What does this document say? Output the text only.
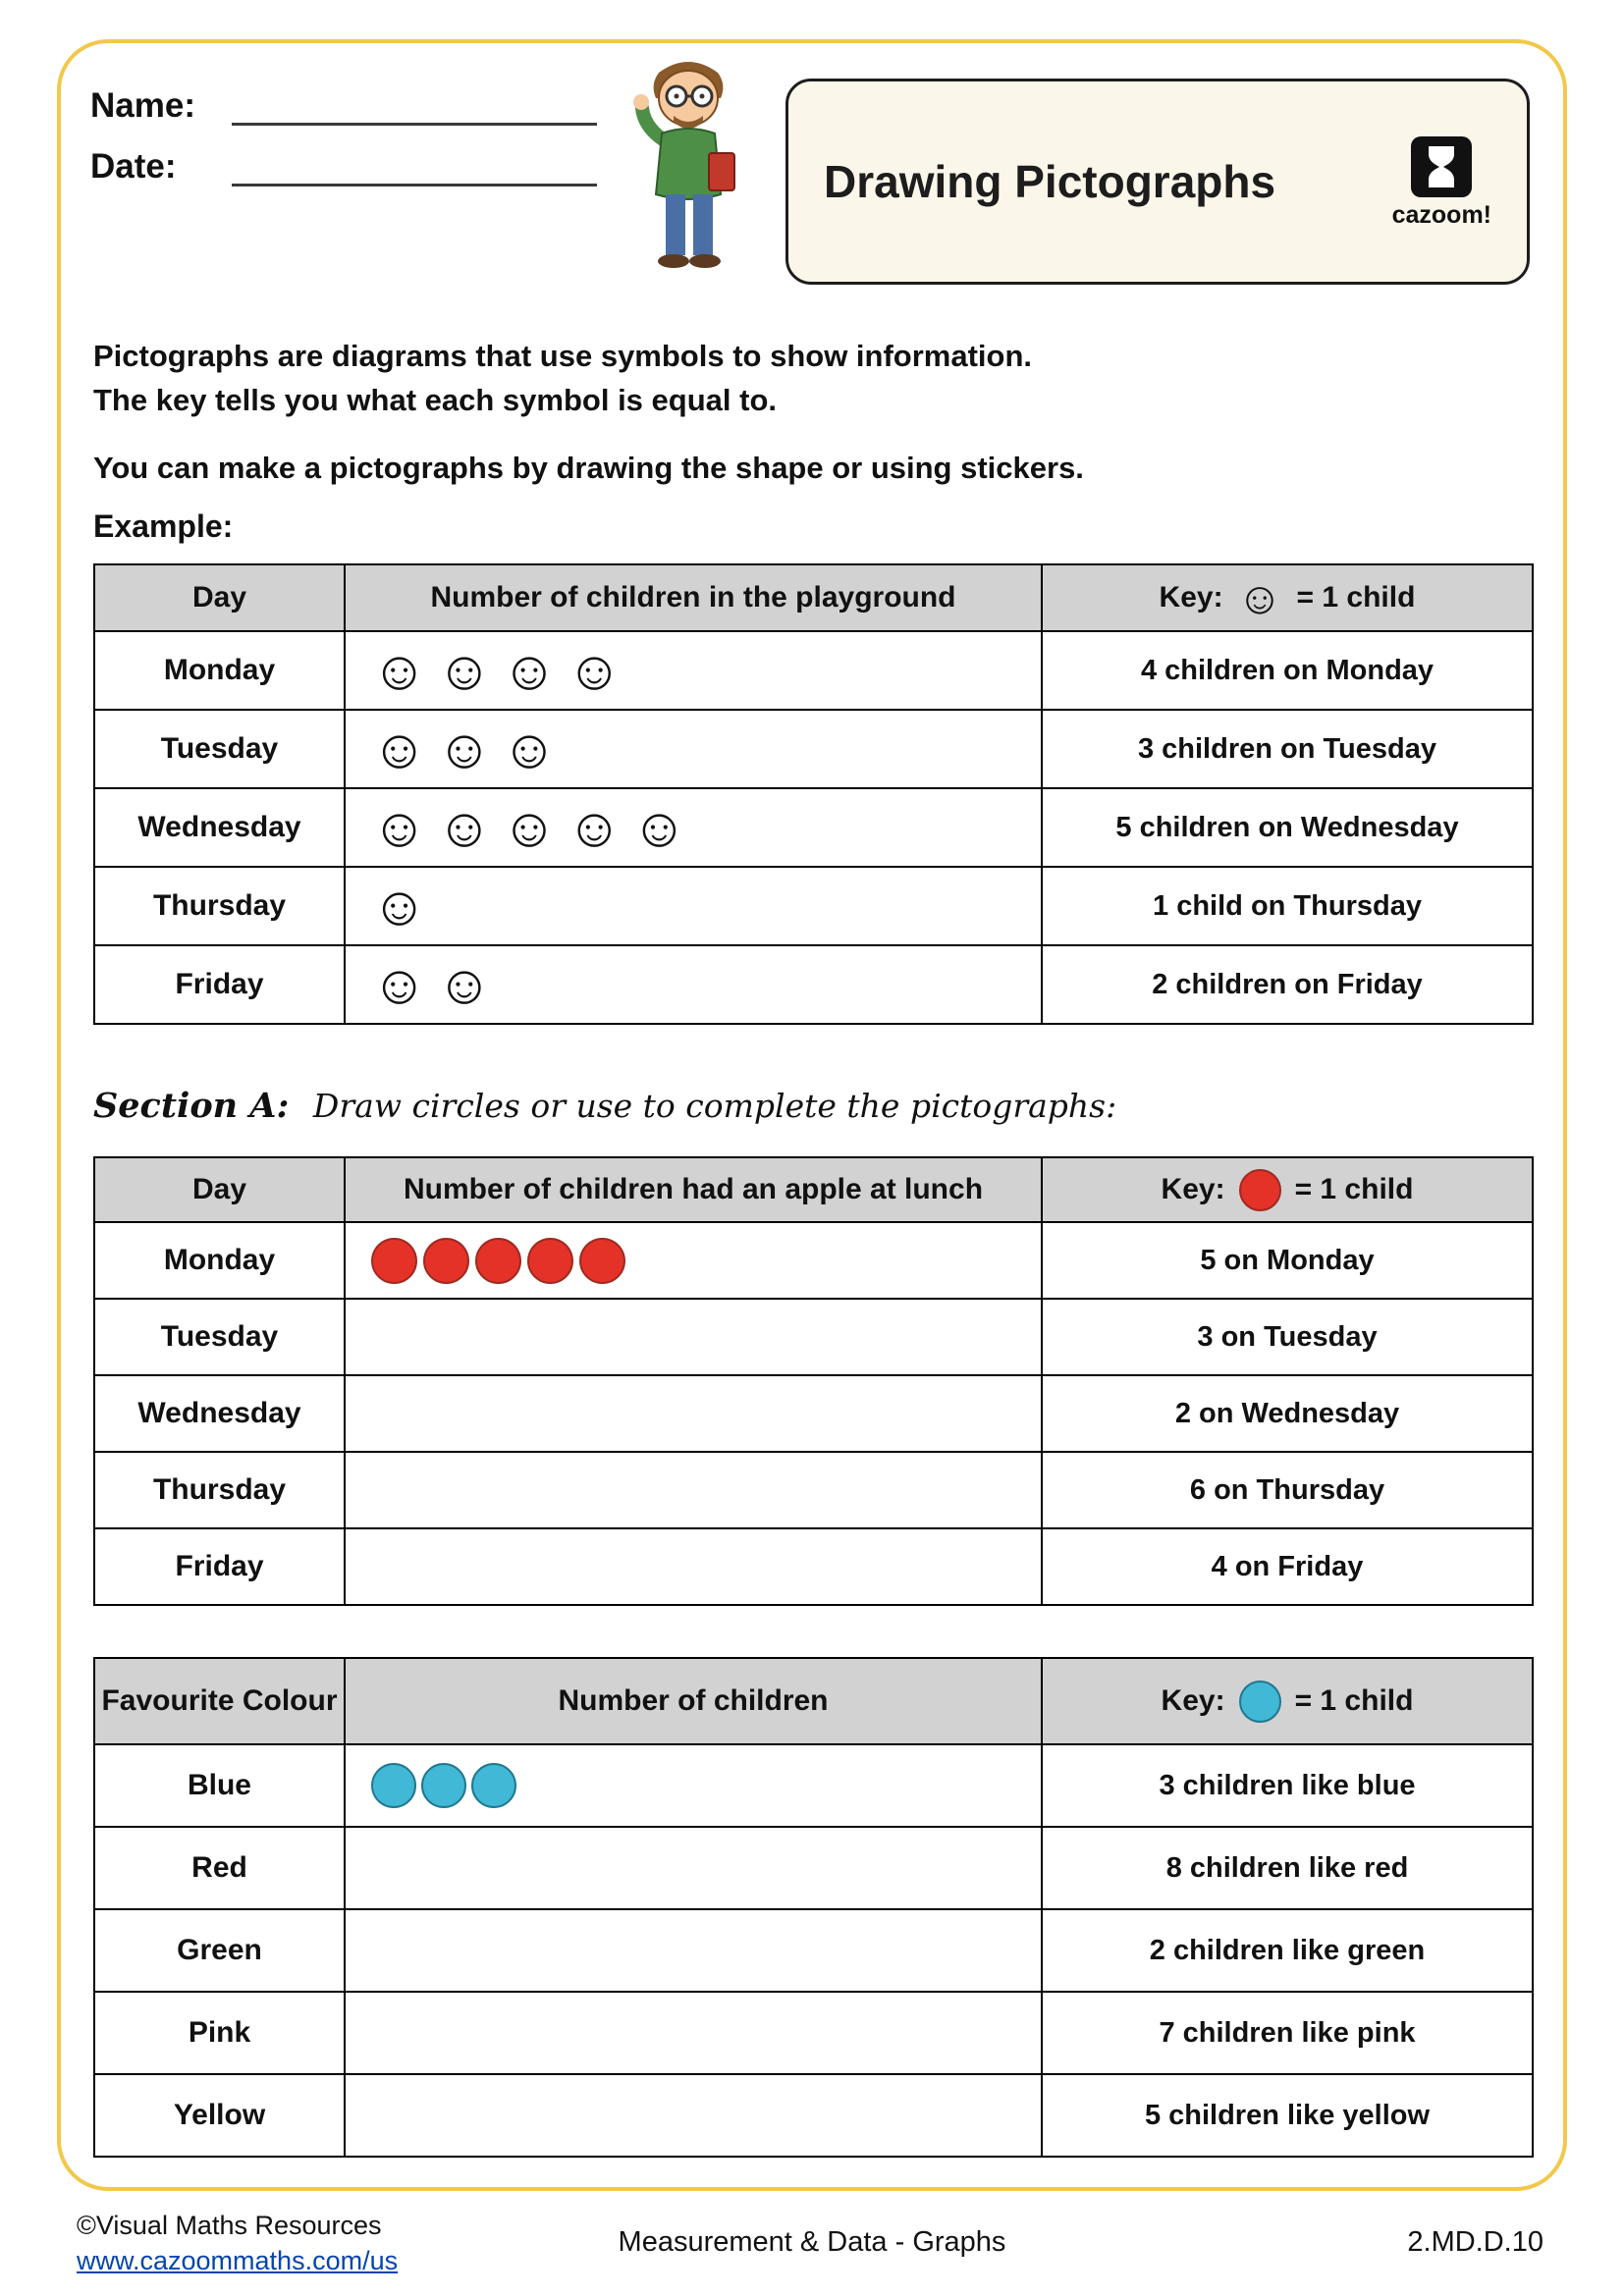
Name:
Date:	Drawing Pictographs
cazoom!

Pictographs are diagrams that use symbols to show information.
The key tells you what each symbol is equal to.

You can make a pictographs by drawing the shape or using stickers.

Example:

Day	Number of children in the playground	Key: ☺ = 1 child

Monday	☺ ☺ ☺ ☺	4 children on Monday
Tuesday	☺ ☺ ☺	3 children on Tuesday
Wednesday	☺ ☺ ☺ ☺ ☺	5 children on Wednesday
Thursday	☺	1 child on Thursday
Friday	☺ ☺	2 children on Friday

Section A: Draw circles or use to complete the pictographs:

Day	Number of children had an apple at lunch	Key: = 1 child

Monday		5 on Monday
Tuesday		3 on Tuesday
Wednesday		2 on Wednesday
Thursday		6 on Thursday
Friday		4 on Friday
Favourite Colour	Number of children	Key: = 1 child

Blue		3 children like blue
Red		8 children like red
Green		2 children like green
Pink		7 children like pink
Yellow		5 children like yellow
©Visual Maths Resources
www.cazoommaths.com/us
Measurement & Data - Graphs	2.MD.D.10
